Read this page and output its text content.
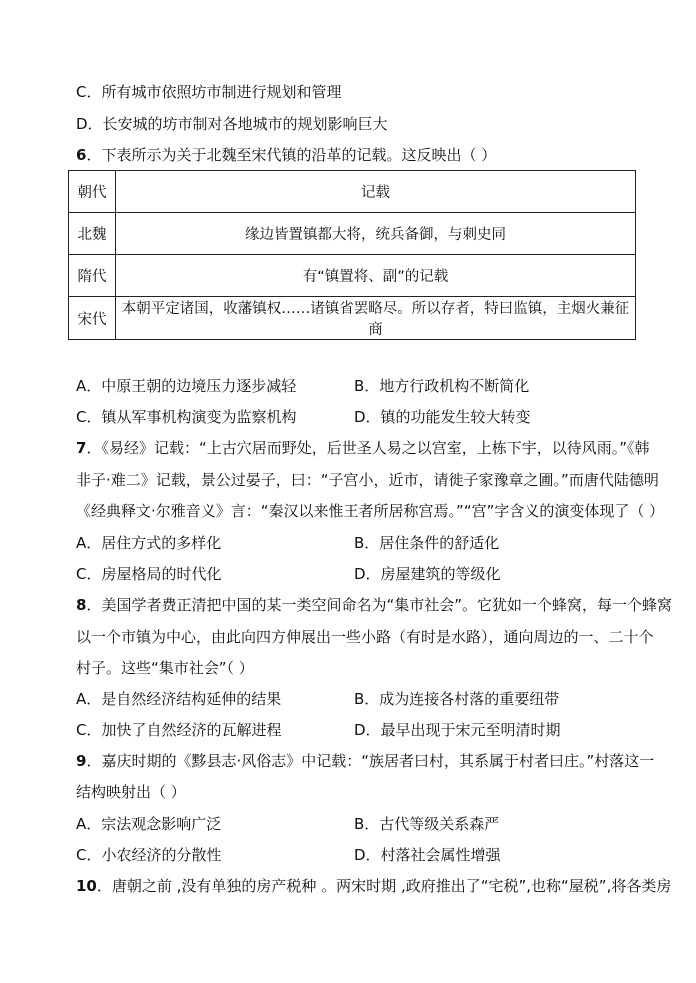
C．所有城市依照坊市制进行规划和管理
D．长安城的坊市制对各地城市的规划影响巨大
6．下表所示为关于北魏至宋代镇的沿革的记载。这反映出（ ）
朝代	记载
北魏	缘边皆置镇都大将，统兵备御，与刺史同
隋代	有“镇置将、副”的记载
宋代	本朝平定诸国，收藩镇权……诸镇省罢略尽。所以存者，特曰监镇，主烟火兼征商
A．中原王朝的边境压力逐步减轻	B．地方行政机构不断简化
C．镇从军事机构演变为监察机构	D．镇的功能发生较大转变
7．《易经》记载：“上古穴居而野处，后世圣人易之以宫室，上栋下宇，以待风雨。”《韩
非子·难二》记载，景公过晏子，曰：“子宫小，近市，请徙子家豫章之圃。”而唐代陆德明
《经典释文·尔雅音义》言：“秦汉以来惟王者所居称宫焉。”“宫”字含义的演变体现了（ ）
A．居住方式的多样化	B．居住条件的舒适化
C．房屋格局的时代化	D．房屋建筑的等级化
8．美国学者费正清把中国的某一类空间命名为“集市社会”。它犹如一个蜂窝，每一个蜂窝
以一个市镇为中心，由此向四方伸展出一些小路（有时是水路），通向周边的一、二十个
村子。这些“集市社会”（ ）
A．是自然经济结构延伸的结果	B．成为连接各村落的重要纽带
C．加快了自然经济的瓦解进程	D．最早出现于宋元至明清时期
9．嘉庆时期的《黟县志·风俗志》中记载：“族居者曰村，其系属于村者曰庄。”村落这一
结构映射出（ ）
A．宗法观念影响广泛	B．古代等级关系森严
C．小农经济的分散性	D．村落社会属性增强
10．唐朝之前 ,没有单独的房产税种 。两宋时期 ,政府推出了“宅税”,也称“屋税”,将各类房
